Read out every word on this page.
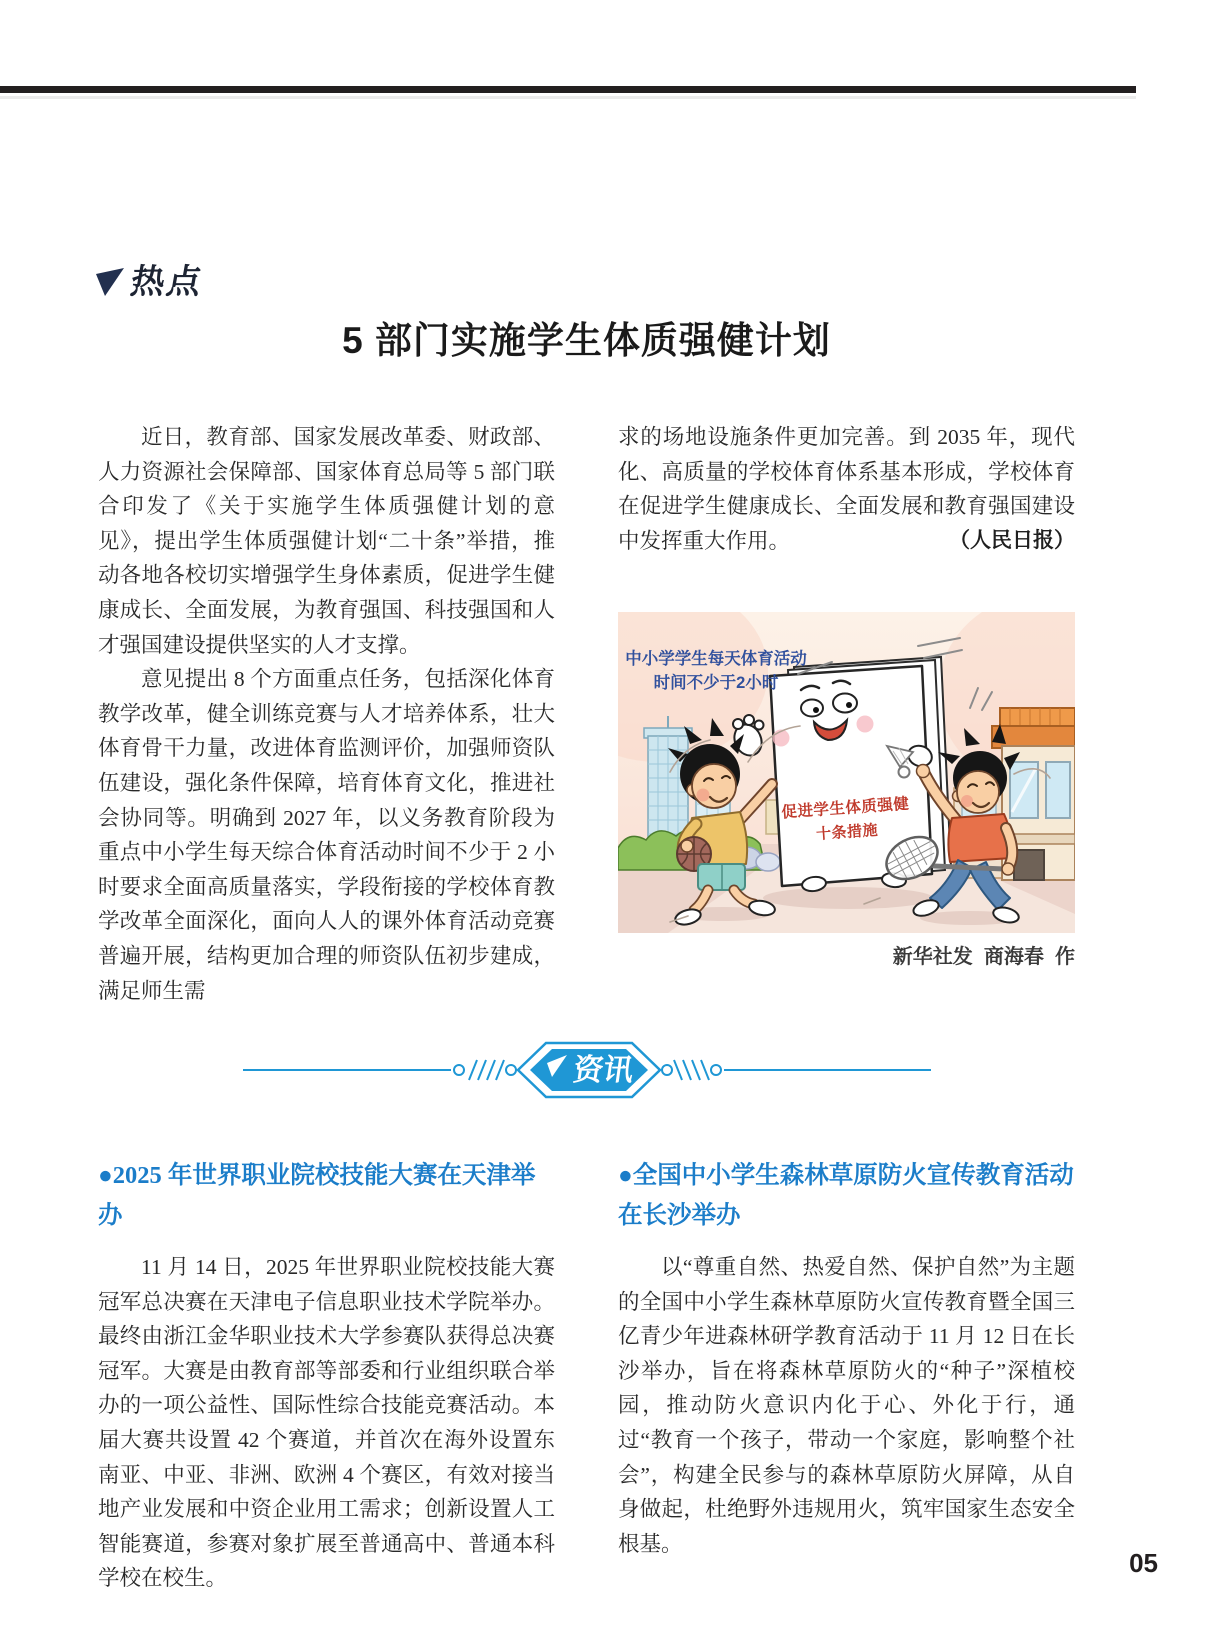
热点
5 部门实施学生体质强健计划

近日，教育部、国家发展改革委、财政部、人力资源社会保障部、国家体育总局等 5 部门联合印发了《关于实施学生体质强健计划的意见》，提出学生体质强健计划“二十条”举措，推动各地各校切实增强学生身体素质，促进学生健康成长、全面发展，为教育强国、科技强国和人才强国建设提供坚实的人才支撑。

意见提出 8 个方面重点任务，包括深化体育教学改革，健全训练竞赛与人才培养体系，壮大体育骨干力量，改进体育监测评价，加强师资队伍建设，强化条件保障，培育体育文化，推进社会协同等。明确到 2027 年，以义务教育阶段为重点中小学生每天综合体育活动时间不少于 2 小时要求全面高质量落实，学段衔接的学校体育教学改革全面深化，面向人人的课外体育活动竞赛普遍开展，结构更加合理的师资队伍初步建成，满足师生需

求的场地设施条件更加完善。到 2035 年，现代化、高质量的学校体育体系基本形成，学校体育在促进学生健康成长、全面发展和教育强国建设中发挥重大作用。	（人民日报）

促进学生体质强健
十条措施
中小学学生每天体育活动
时间不少于2小时
新华社发  商海春  作
资讯
●2025 年世界职业院校技能大赛在天津举办

11 月 14 日，2025 年世界职业院校技能大赛冠军总决赛在天津电子信息职业技术学院举办。最终由浙江金华职业技术大学参赛队获得总决赛冠军。大赛是由教育部等部委和行业组织联合举办的一项公益性、国际性综合技能竞赛活动。本届大赛共设置 42 个赛道，并首次在海外设置东南亚、中亚、非洲、欧洲 4 个赛区，有效对接当地产业发展和中资企业用工需求；创新设置人工智能赛道，参赛对象扩展至普通高中、普通本科学校在校生。

●全国中小学生森林草原防火宣传教育活动在长沙举办

以“尊重自然、热爱自然、保护自然”为主题的全国中小学生森林草原防火宣传教育暨全国三亿青少年进森林研学教育活动于 11 月 12 日在长沙举办，旨在将森林草原防火的“种子”深植校园，推动防火意识内化于心、外化于行，通过“教育一个孩子，带动一个家庭，影响整个社会”，构建全民参与的森林草原防火屏障，从自身做起，杜绝野外违规用火，筑牢国家生态安全根基。

05
